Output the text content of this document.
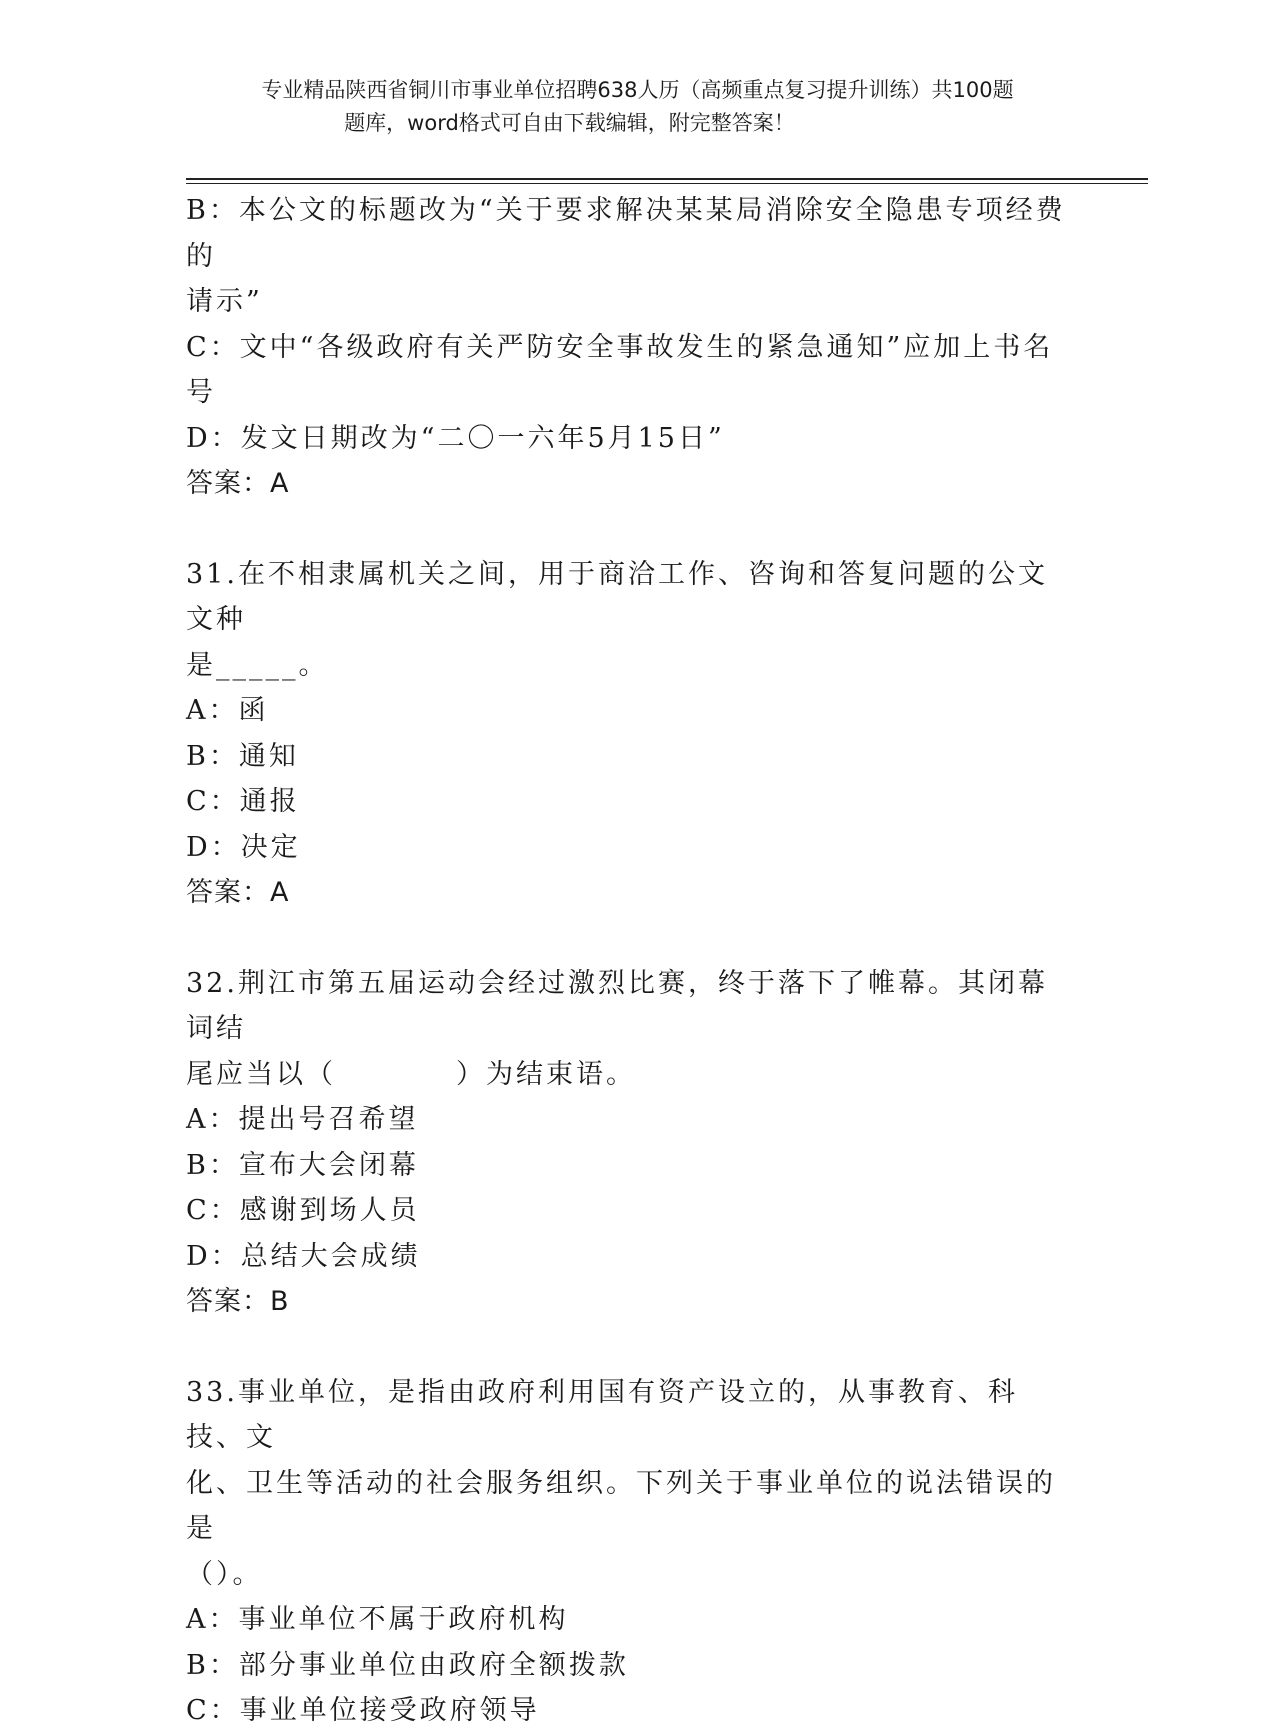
专业精品陕西省铜川市事业单位招聘638人历（高频重点复习提升训练）共100题
题库，word格式可自由下载编辑，附完整答案！

B：本公文的标题改为“关于要求解决某某局消除安全隐患专项经费的

请示”

C：文中“各级政府有关严防安全事故发生的紧急通知”应加上书名号

D：发文日期改为“二〇一六年5月15日”

答案：A

31.在不相隶属机关之间，用于商洽工作、咨询和答复问题的公文文种

是_____。

A：函

B：通知

C：通报

D：决定

答案：A

32.荆江市第五届运动会经过激烈比赛，终于落下了帷幕。其闭幕词结

尾应当以（　　　　）为结束语。

A：提出号召希望

B：宣布大会闭幕

C：感谢到场人员

D：总结大会成绩

答案：B

33.事业单位，是指由政府利用国有资产设立的，从事教育、科技、文

化、卫生等活动的社会服务组织。下列关于事业单位的说法错误的是

（）。

A：事业单位不属于政府机构

B：部分事业单位由政府全额拨款

C：事业单位接受政府领导
